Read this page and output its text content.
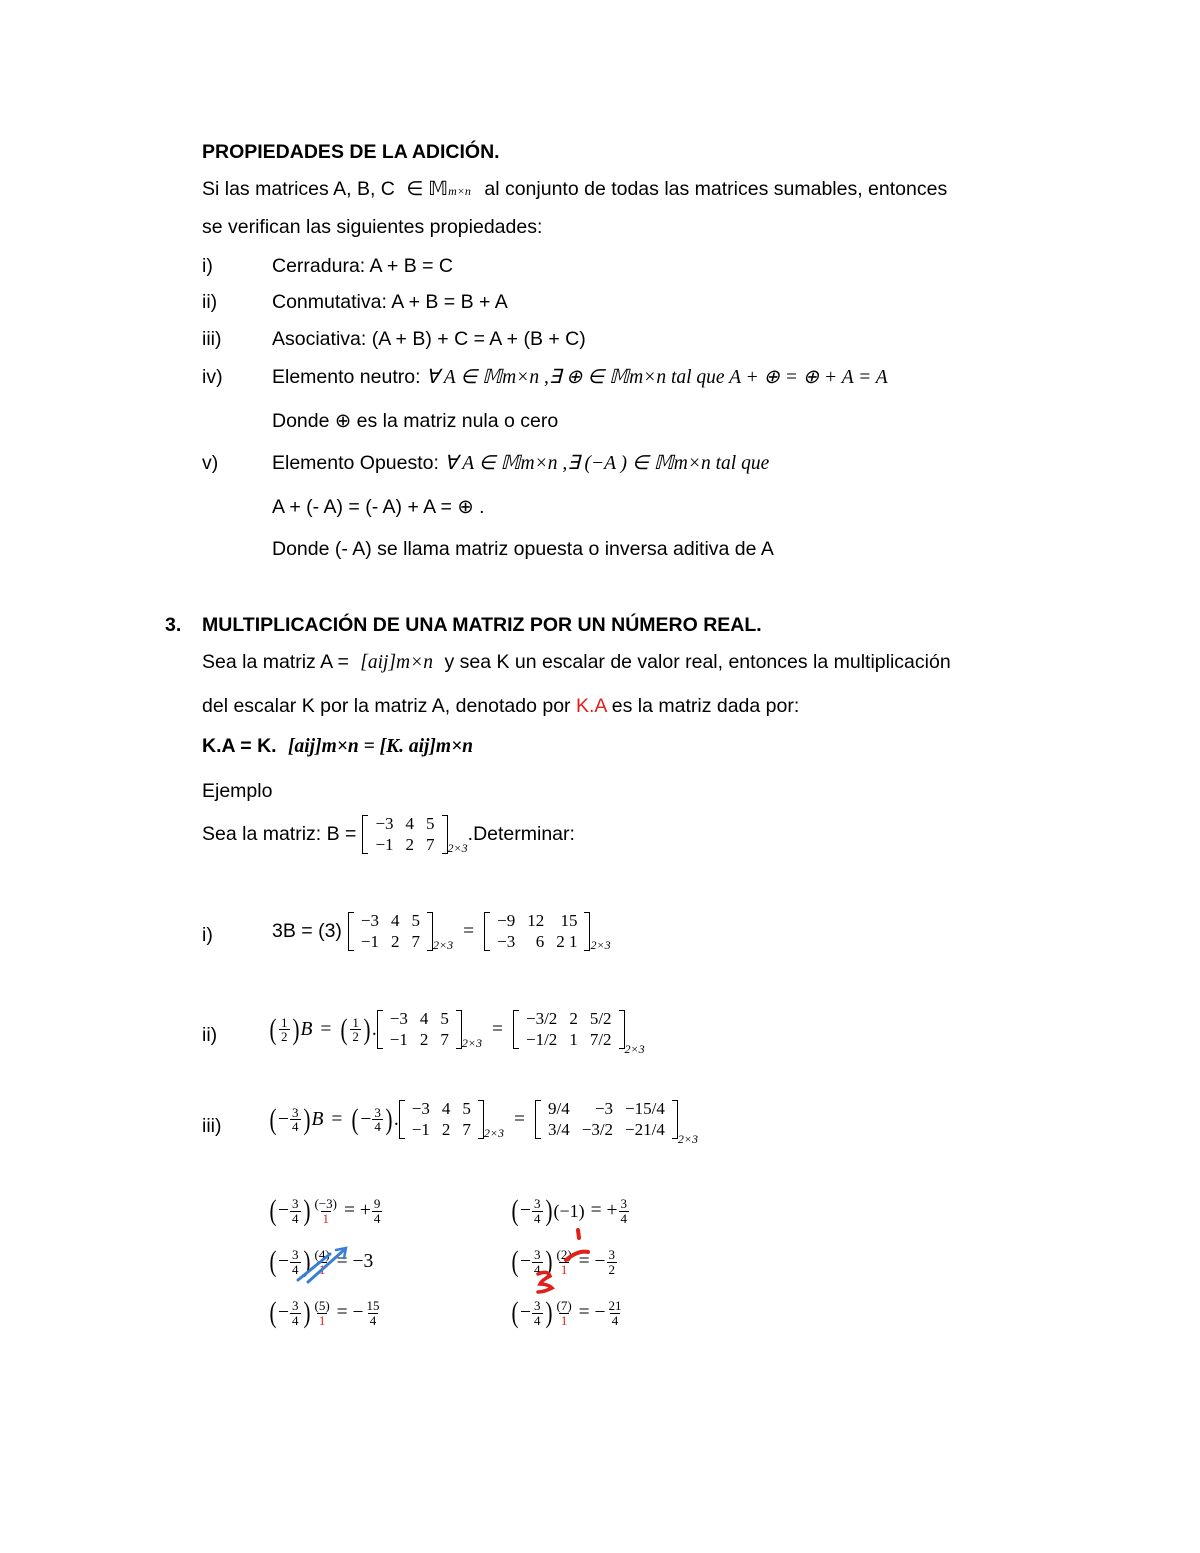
PROPIEDADES DE LA ADICIÓN.
Si las matrices A, B, C ∈ 𝕄m×n al conjunto de todas las matrices sumables, entonces
se verifican las siguientes propiedades:
i)	Cerradura: A + B = C
ii)	Conmutativa: A + B = B + A
iii)	Asociativa: (A + B) + C = A + (B + C)
iv)	Elemento neutro: ∀ A ∈ 𝕄m×n ,∃ ⊕ ∈ 𝕄m×n tal que A + ⊕ = ⊕ + A = A
Donde ⊕ es la matriz nula o cero
v)	Elemento Opuesto: ∀ A ∈ 𝕄m×n ,∃ (−A ) ∈ 𝕄m×n tal que
A + (- A) = (- A) + A = ⊕ .
Donde (- A) se llama matriz opuesta o inversa aditiva de A
3. MULTIPLICACIÓN DE UNA MATRIZ POR UN NÚMERO REAL.
Sea la matriz A = [aij]m×n y sea K un escalar de valor real, entonces la multiplicación
del escalar K por la matriz A, denotado por K.A es la matriz dada por:
K.A = K. [aij]m×n = [K. aij]m×n
Ejemplo
Sea la matriz: B =	−3 4 5
−1 2 7	2×3
.Determinar:
i)	3B = (3)	−3 4 5
−1 2 7	2×3
=
−9 12 15
−3	6 2 1	2×3
ii) ( $\frac{1}{2}$ ) B = ( $\frac{1}{2}$ ) .
−3 4 5
−1 2 7	2×3
=
−3/2 2 5/2
−1/2 1 7/2
2×3
iii) ( − $\frac{3}{4}$ ) B = ( − $\frac{3}{4}$ ) .
−3 4 5
−1 2 7	2×3
=
9/4	−3 −15/4
3/4 −3/2 −21/4
2×3
( − $\frac{3}{4}$ ) $\frac{(-3)}{1}$ = + $\frac{9}{4}$	( − $\frac{3}{4}$ ) (−1) = + $\frac{3}{4}$
( − $\frac{3}{4}$ ) $\frac{(4)}{1} = -3$	( − $\frac{3}{4}$ ) $\frac{(2)}{1}$ = − $\frac{3}{2}$
( − $\frac{3}{4}$ ) $\frac{(5)}{1}$ = − $\frac{15}{4}$	( − $\frac{3}{4}$ ) $\frac{(7)}{1}$ = − $\frac{21}{4}$
